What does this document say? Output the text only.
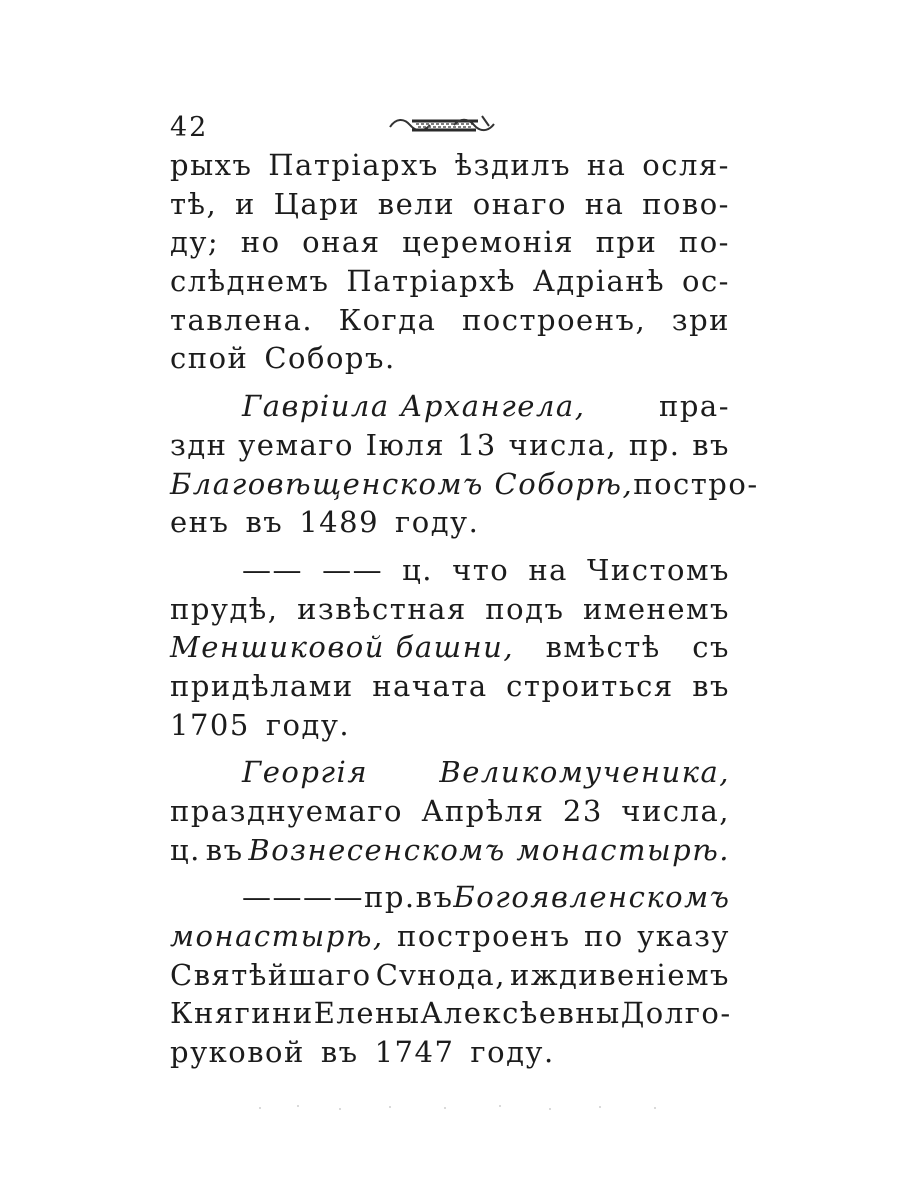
42
рыхъ Патріархъ ѣздилъ на осля-
тѣ, и Цари вели онаго на пово-
ду; но оная церемонія при по-
слѣднемъ Патріархѣ Адріанѣ ос-
тавлена. Когда построенъ, зри
спой Соборъ.
Гаврiила Архангела,	пра-
здн уемаго Iюля 13 числа, пр. въ
Благовѣщенскомъ Соборѣ, постро-
енъ въ 1489 году.
—— —— ц. что на Чистомъ
прудѣ, извѣстная подъ именемъ
Меншиковой башни, вмѣстѣ съ
придѣлами начата строиться въ
1705 году.
Георгiя Великомученика,
празднуемаго Апрѣля 23 числа,
ц. въ Вознесенскомъ монастырѣ.
—— —— пр. въ Богоявленскомъ
монастырѣ, построенъ по указу
Святѣйшаго Сvнода, иждивеніемъ
Княгини Елены Алексѣевны Долго-
руковой въ 1747 году.
